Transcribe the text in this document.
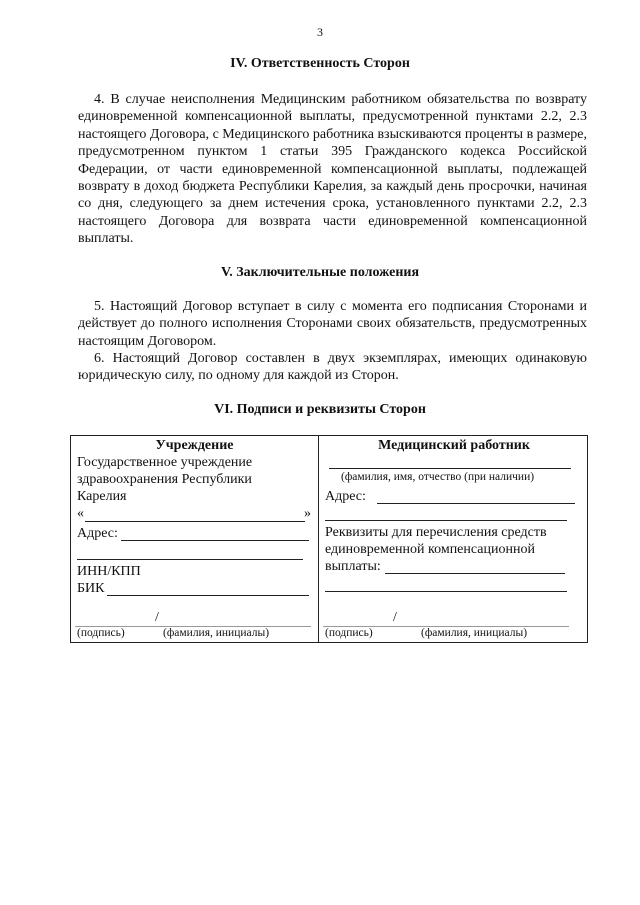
3
IV. Ответственность Сторон
4. В случае неисполнения Медицинским работником обязательства по возврату единовременной компенсационной выплаты, предусмотренной пунктами 2.2, 2.3 настоящего Договора, с Медицинского работника взыскиваются проценты в размере, предусмотренном пунктом 1 статьи 395 Гражданского кодекса Российской Федерации, от части единовременной компенсационной выплаты, подлежащей возврату в доход бюджета Республики Карелия, за каждый день просрочки, начиная со дня, следующего за днем истечения срока, установленного пунктами 2.2, 2.3 настоящего Договора для возврата части единовременной компенсационной выплаты.
V. Заключительные положения
5. Настоящий Договор вступает в силу с момента его подписания Сторонами и действует до полного исполнения Сторонами своих обязательств, предусмотренных настоящим Договором.
6. Настоящий Договор составлен в двух экземплярах, имеющих одинаковую юридическую силу, по одному для каждой из Сторон.
VI. Подписи и реквизиты Сторон
Учреждение
Государственное учреждение
здравоохранения Республики
Карелия
«	»
Адрес:
ИНН/КПП
БИК
/
(подпись)	(фамилия, инициалы)
Медицинский работник
(фамилия, имя, отчество (при наличии)
Адрес:
Реквизиты для перечисления средств
единовременной компенсационной
выплаты:
/
(подпись)	(фамилия, инициалы)
